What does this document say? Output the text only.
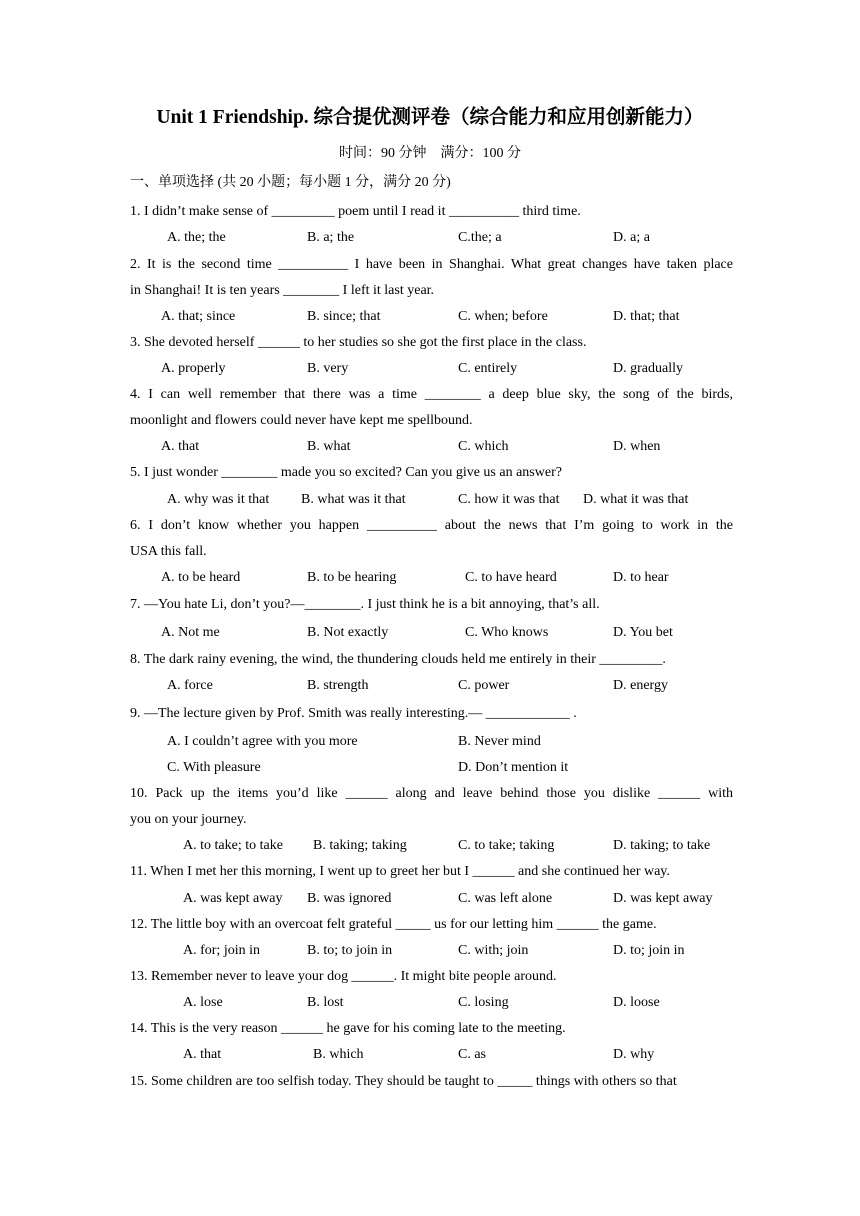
Unit 1 Friendship. 综合提优测评卷（综合能力和应用创新能力）
时间：90 分钟　满分：100 分
一、单项选择 (共 20 小题；每小题 1 分，满分 20 分)
1. I didn’t make sense of _________ poem until I read it __________ third time.
A. the; the	B. a; the	C.the; a	D. a; a
2. It is the second time __________ I have been in Shanghai. What great changes have taken place
in Shanghai! It is ten years ________ I left it last year.
A. that; since	B. since; that	C. when; before	D. that; that
3. She devoted herself ______ to her studies so she got the first place in the class.
A. properly	B. very	C. entirely	D. gradually
4. I can well remember that there was a time ________ a deep blue sky, the song of the birds,
moonlight and flowers could never have kept me spellbound.
A. that	B. what	C. which	D. when
5. I just wonder ________ made you so excited? Can you give us an answer?
A. why was it that B. what was it that	C. how it was that D. what it was that
6. I don’t know whether you happen __________ about the news that I’m going to work in the
USA this fall.
A. to be heard	B. to be hearing	C. to have heard	D. to hear
7. —You hate Li, don’t you?—________. I just think he is a bit annoying, that’s all.
A. Not me	B. Not exactly	C. Who knows	D. You bet
8. The dark rainy evening, the wind, the thundering clouds held me entirely in their _________.
A. force	B. strength	C. power	D. energy
9. —The lecture given by Prof. Smith was really interesting.— ____________ .
A. I couldn’t agree with you more	B. Never mind
C. With pleasure	D. Don’t mention it
10. Pack up the items you’d like ______ along and leave behind those you dislike ______ with
you on your journey.
A. to take; to take B. taking; taking	C. to take; taking	D. taking; to take
11. When I met her this morning, I went up to greet her but I ______ and she continued her way.
A. was kept away B. was ignored	C. was left alone	D. was kept away
12. The little boy with an overcoat felt grateful _____ us for our letting him ______ the game.
A. for; join in	B. to; to join in	C. with; join	D. to; join in
13. Remember never to leave your dog ______. It might bite people around.
A. lose	B. lost	C. losing	D. loose
14. This is the very reason ______ he gave for his coming late to the meeting.
A. that	B. which	C. as	D. why
15. Some children are too selfish today. They should be taught to _____ things with others so that
